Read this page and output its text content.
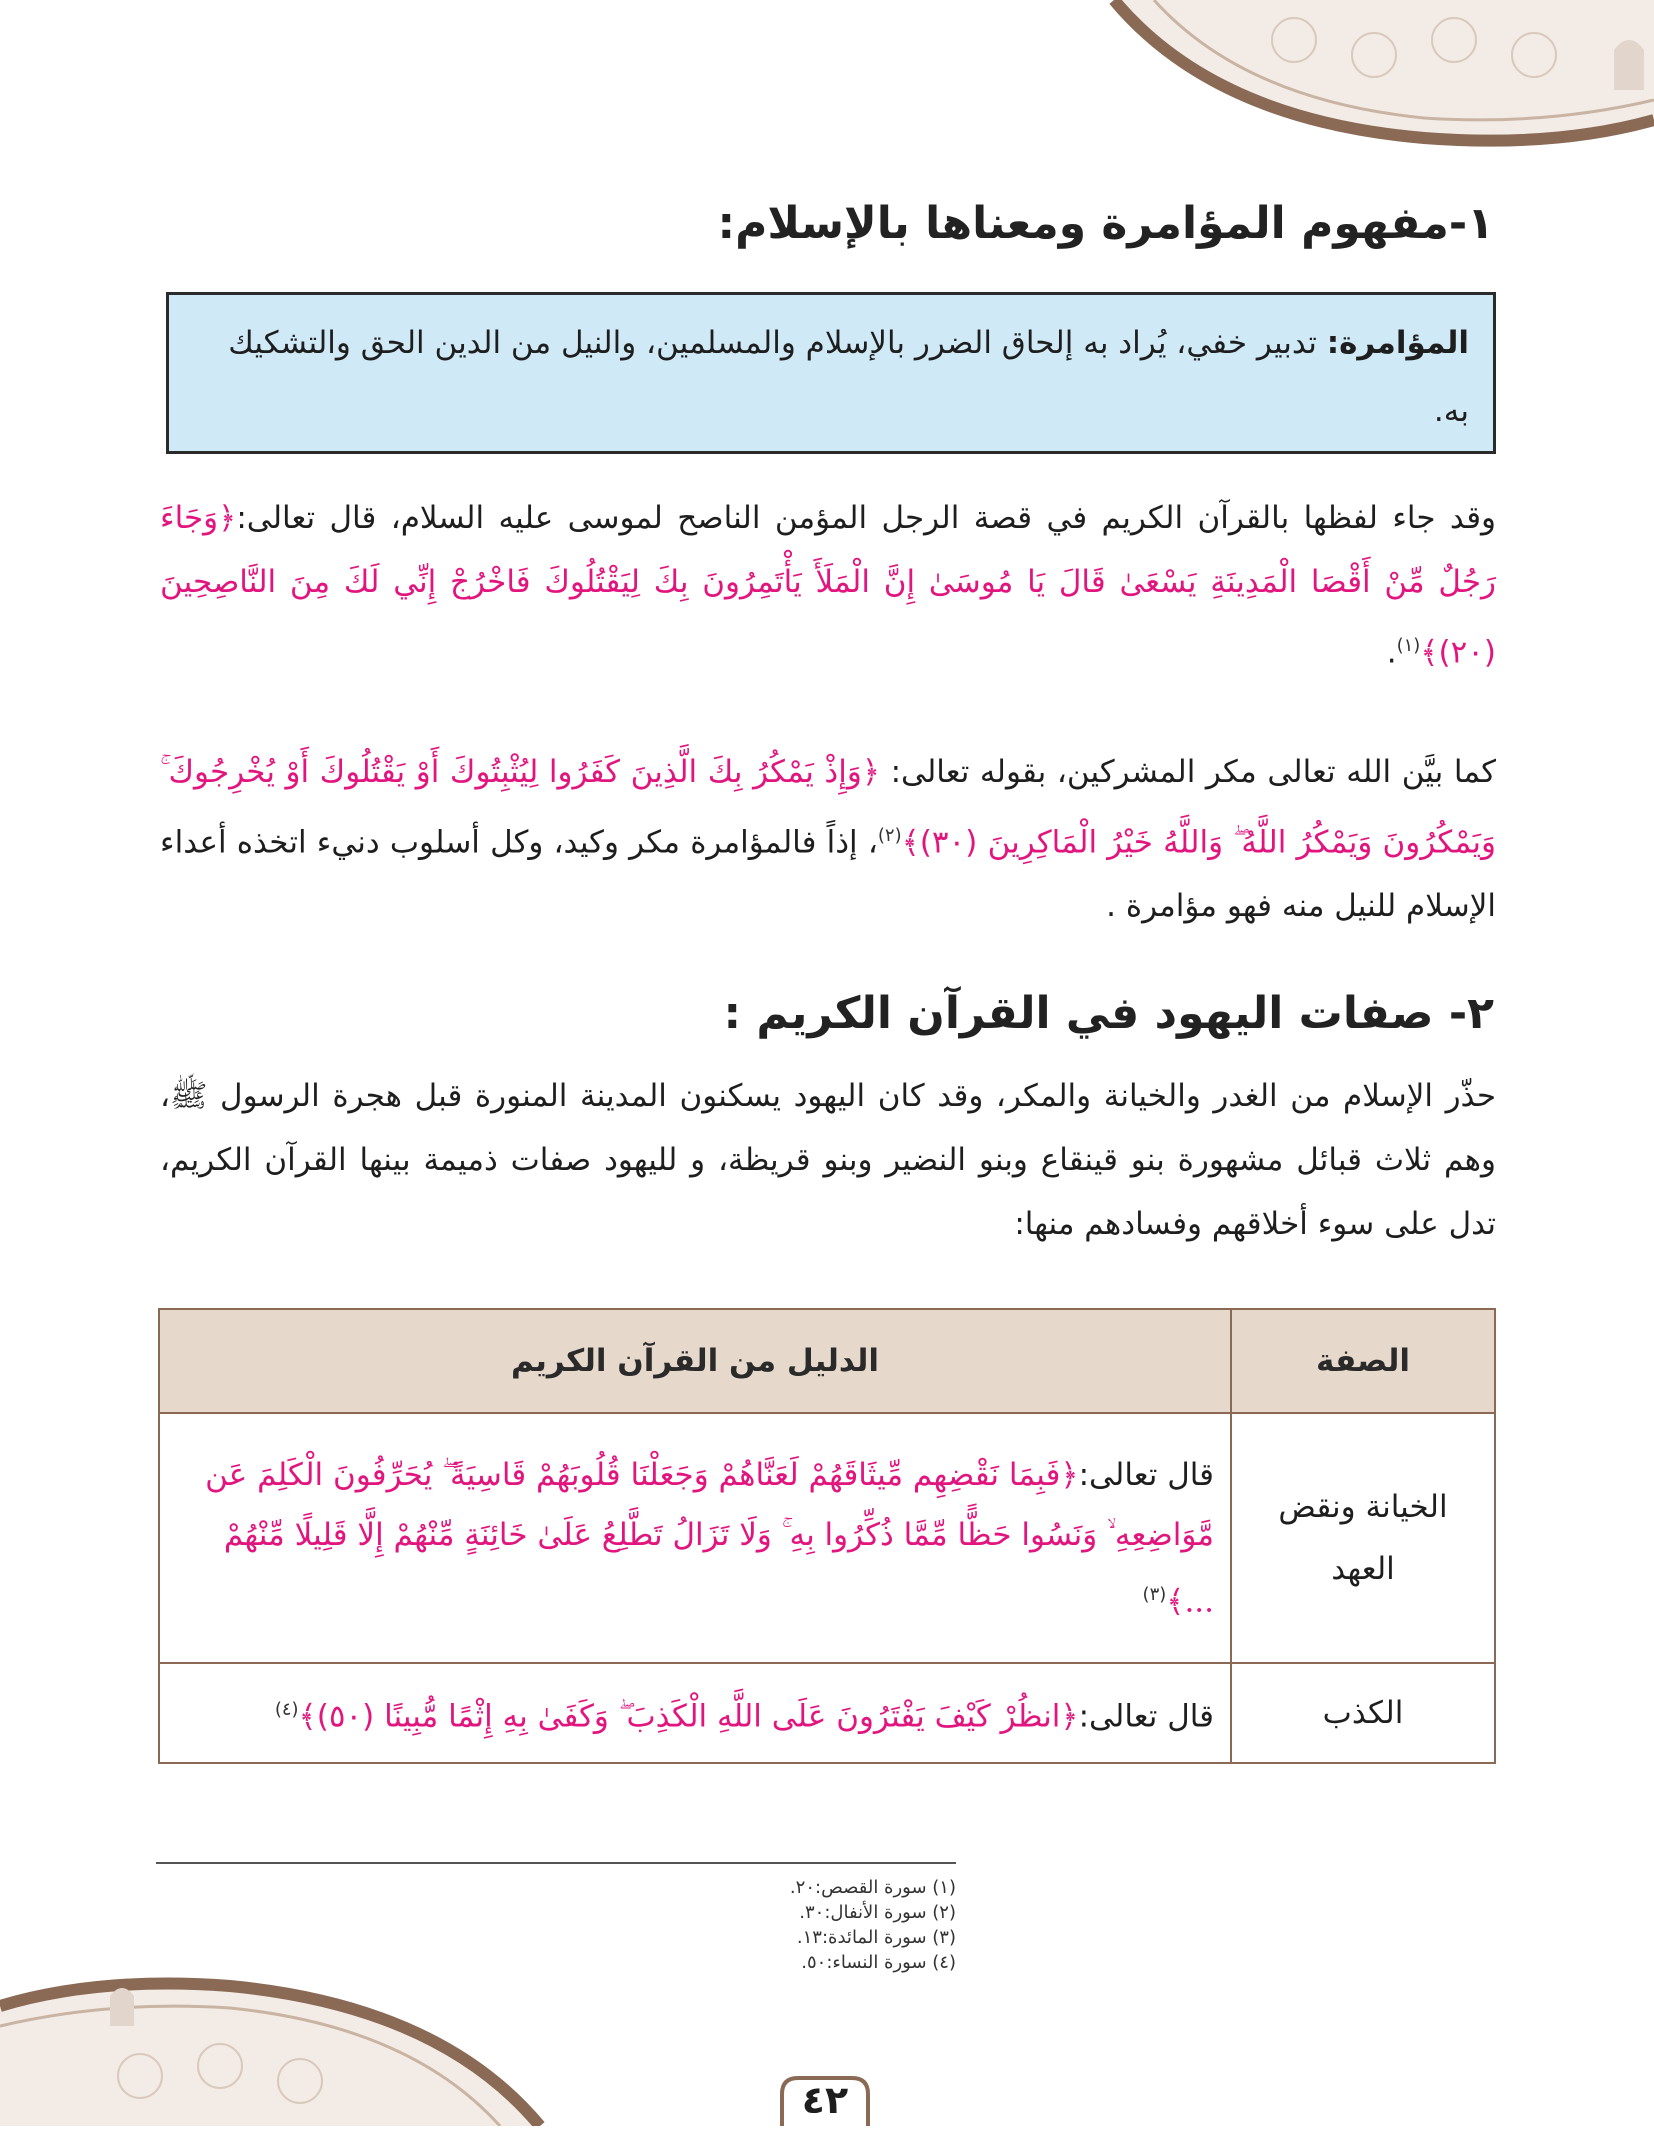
١-مفهوم المؤامرة ومعناها بالإسلام:
المؤامرة: تدبير خفي، يُراد به إلحاق الضرر بالإسلام والمسلمين، والنيل من الدين الحق والتشكيك به.
وقد جاء لفظها بالقرآن الكريم في قصة الرجل المؤمن الناصح لموسى عليه السلام، قال تعالى:﴿وَجَاءَ رَجُلٌ مِّنْ أَقْصَا الْمَدِينَةِ يَسْعَىٰ قَالَ يَا مُوسَىٰ إِنَّ الْمَلَأَ يَأْتَمِرُونَ بِكَ لِيَقْتُلُوكَ فَاخْرُجْ إِنِّي لَكَ مِنَ النَّاصِحِينَ (٢٠)﴾$^{(١)}$.
كما بيَّن الله تعالى مكر المشركين، بقوله تعالى: ﴿وَإِذْ يَمْكُرُ بِكَ الَّذِينَ كَفَرُوا لِيُثْبِتُوكَ أَوْ يَقْتُلُوكَ أَوْ يُخْرِجُوكَ ۚ وَيَمْكُرُونَ وَيَمْكُرُ اللَّهُ ۖ وَاللَّهُ خَيْرُ الْمَاكِرِينَ (٣٠)﴾$^{(٢)}$، إذاً فالمؤامرة مكر وكيد، وكل أسلوب دنيء اتخذه أعداء الإسلام للنيل منه فهو مؤامرة .
٢- صفات اليهود في القرآن الكريم :
حذّر الإسلام من الغدر والخيانة والمكر، وقد كان اليهود يسكنون المدينة المنورة قبل هجرة الرسول ﷺ، وهم ثلاث قبائل مشهورة بنو قينقاع وبنو النضير وبنو قريظة، و لليهود صفات ذميمة بينها القرآن الكريم، تدل على سوء أخلاقهم وفسادهم منها:
الصفة	الدليل من القرآن الكريم
الخيانة ونقض العهد	قال تعالى:﴿فَبِمَا نَقْضِهِم مِّيثَاقَهُمْ لَعَنَّاهُمْ وَجَعَلْنَا قُلُوبَهُمْ قَاسِيَةً ۖ يُحَرِّفُونَ الْكَلِمَ عَن مَّوَاضِعِهِ ۙ وَنَسُوا حَظًّا مِّمَّا ذُكِّرُوا بِهِ ۚ وَلَا تَزَالُ تَطَّلِعُ عَلَىٰ خَائِنَةٍ مِّنْهُمْ إِلَّا قَلِيلًا مِّنْهُمْ ...﴾$^{(٣)}$
الكذب	قال تعالى:﴿انظُرْ كَيْفَ يَفْتَرُونَ عَلَى اللَّهِ الْكَذِبَ ۖ وَكَفَىٰ بِهِ إِثْمًا مُّبِينًا (٥٠)﴾$^{(٤)}$
(١) سورة القصص:٢٠.
(٢) سورة الأنفال:٣٠.
(٣) سورة المائدة:١٣.
(٤) سورة النساء:٥٠.
٤٢
